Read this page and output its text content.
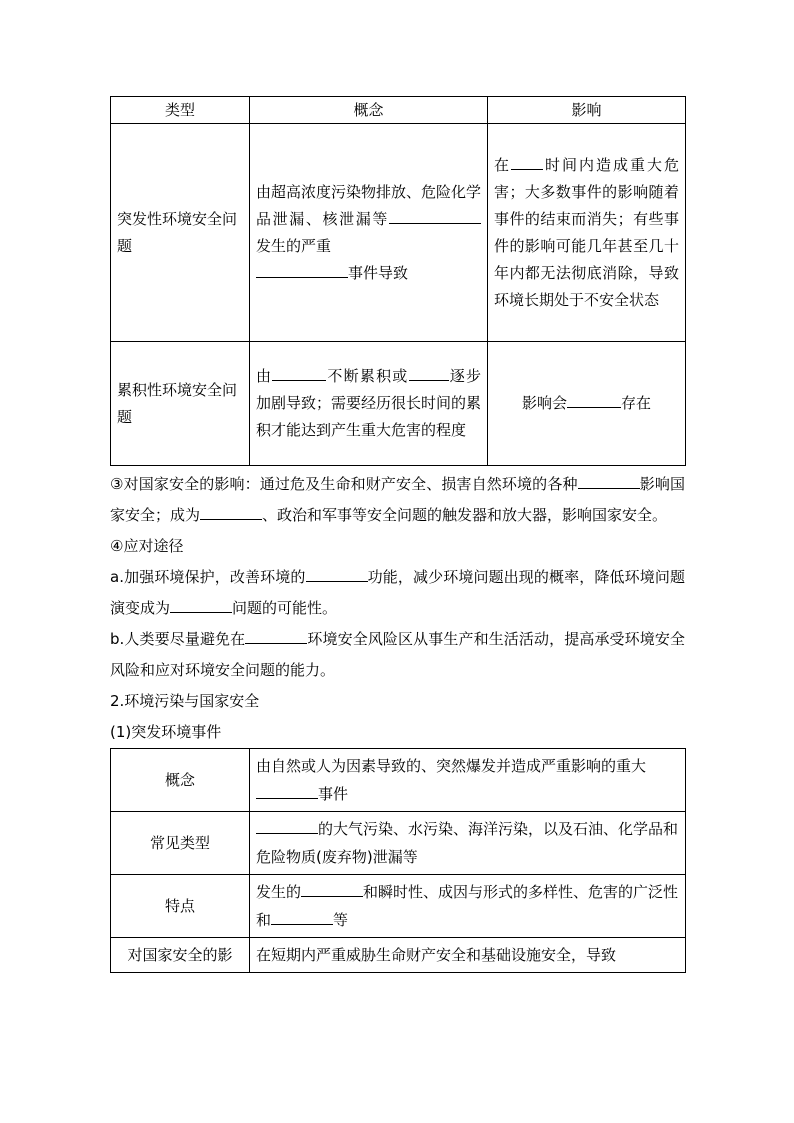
类型	概念	影响
突发性环境安全问题	由超高浓度污染物排放、危险化学品泄漏、核泄漏等发生的严重
事件导致	在 时间内造成重大危害；大多数事件的影响随着事件的结束而消失；有些事件的影响可能几年甚至几十年内都无法彻底消除，导致环境长期处于不安全状态
累积性环境安全问题	由 不断累积或 逐步加剧导致；需要经历很长时间的累积才能达到产生重大危害的程度	影响会 存在

③对国家安全的影响：通过危及生命和财产安全、损害自然环境的各种	影响国家安全；成为	、政治和军事等安全问题的触发器和放大器，影响国家安全。

④应对途径

a.加强环境保护，改善环境的	功能，减少环境问题出现的概率，降低环境问题演变成为	问题的可能性。

b.人类要尽量避免在	环境安全风险区从事生产和生活活动，提高承受环境安全风险和应对环境安全问题的能力。

2.环境污染与国家安全

(1)突发环境事件

概念	由自然或人为因素导致的、突然爆发并造成严重影响的重大
事件
常见类型	的大气污染、水污染、海洋污染，以及石油、化学品和危险物质(废弃物)泄漏等
特点	发生的 和瞬时性、成因与形式的多样性、危害的广泛性和 等
对国家安全的影	在短期内严重威胁生命财产安全和基础设施安全，导致
